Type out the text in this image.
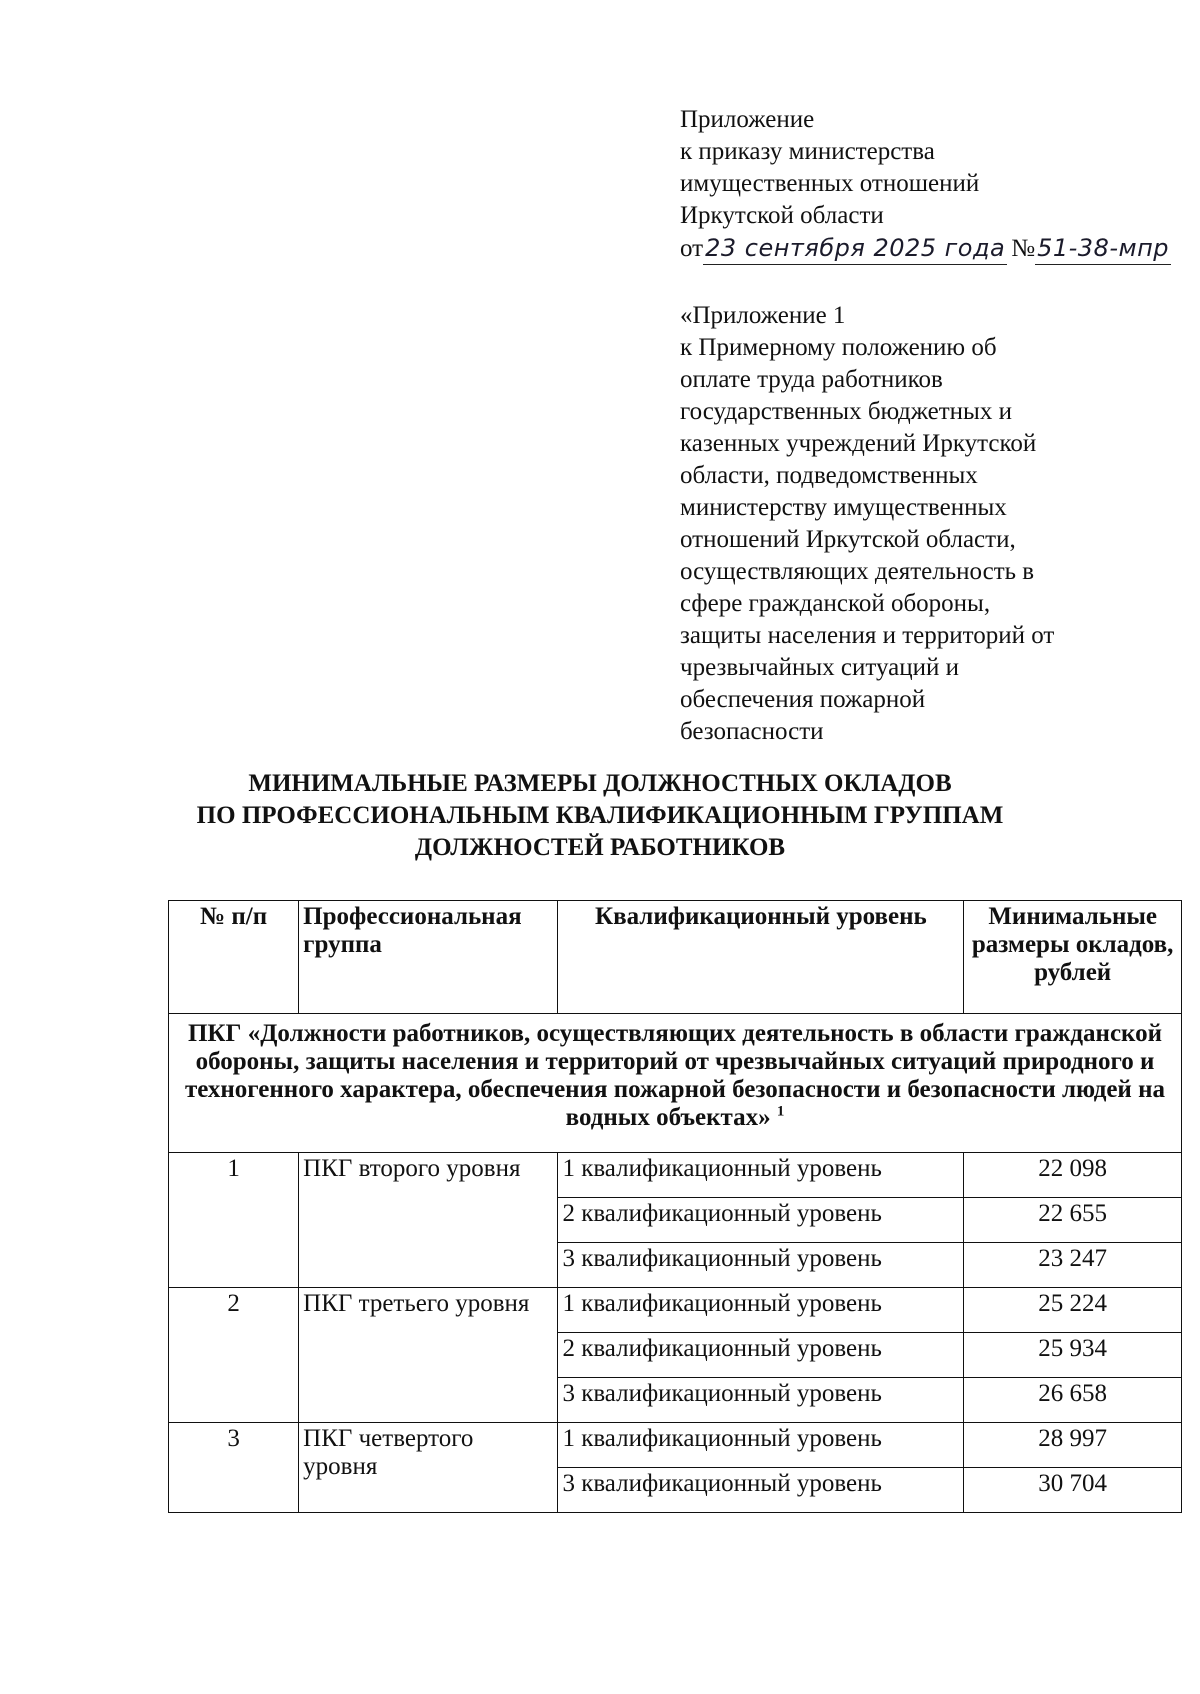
Приложение
к приказу министерства
имущественных отношений
Иркутской области
от23 сентября 2025 года №51-38-мпр
«Приложение 1
к Примерному положению об
оплате труда работников
государственных бюджетных и
казенных учреждений Иркутской
области, подведомственных
министерству имущественных
отношений Иркутской области,
осуществляющих деятельность в
сфере гражданской обороны,
защиты населения и территорий от
чрезвычайных ситуаций и
обеспечения пожарной
безопасности
МИНИМАЛЬНЫЕ РАЗМЕРЫ ДОЛЖНОСТНЫХ ОКЛАДОВ
ПО ПРОФЕССИОНАЛЬНЫМ КВАЛИФИКАЦИОННЫМ ГРУППАМ
ДОЛЖНОСТЕЙ РАБОТНИКОВ
№ п/п	Профессиональная группа	Квалификационный уровень	Минимальные размеры окладов, рублей
ПКГ «Должности работников, осуществляющих деятельность в области гражданской обороны, защиты населения и территорий от чрезвычайных ситуаций природного и техногенного характера, обеспечения пожарной безопасности и безопасности людей на водных объектах» $^1$
1	ПКГ второго уровня	1 квалификационный уровень	22 098
		2 квалификационный уровень	22 655
		3 квалификационный уровень	23 247
2	ПКГ третьего уровня	1 квалификационный уровень	25 224
		2 квалификационный уровень	25 934
		3 квалификационный уровень	26 658
3	ПКГ четвертого уровня	1 квалификационный уровень	28 997
		3 квалификационный уровень	30 704
